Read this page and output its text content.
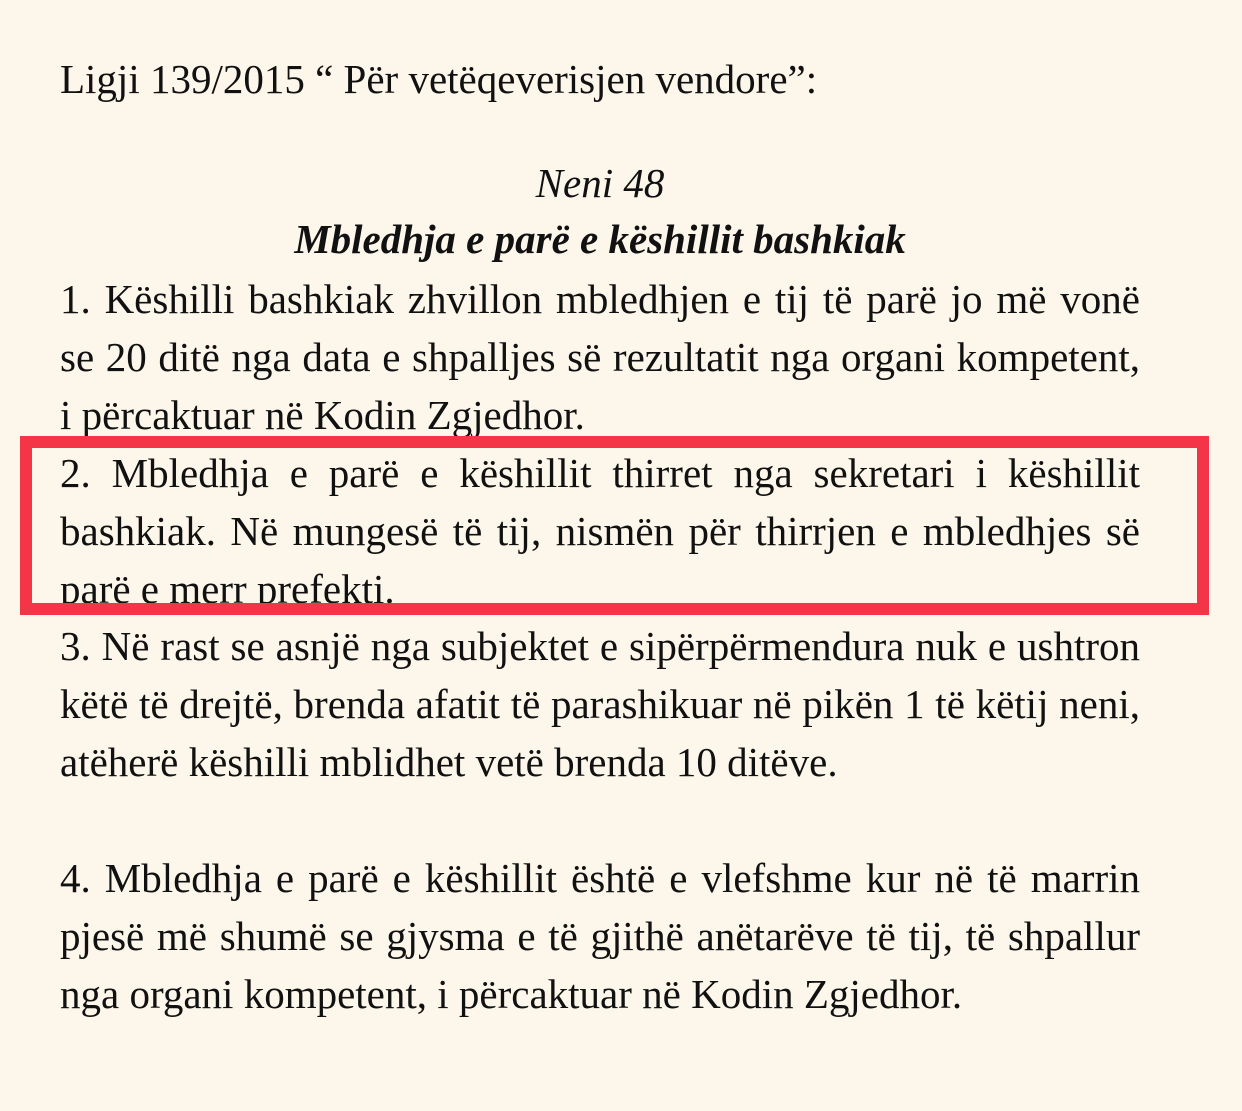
Ligji 139/2015 “ Për vetëqeverisjen vendore”:
Neni 48
Mbledhja e parë e këshillit bashkiak
1. Këshilli bashkiak zhvillon mbledhjen e tij të parë jo më vonë se 20 ditë nga data e shpalljes së rezultatit nga organi kompetent, i përcaktuar në Kodin Zgjedhor.
2. Mbledhja e parë e këshillit thirret nga sekretari i këshillit bashkiak. Në mungesë të tij, nismën për thirrjen e mbledhjes së parë e merr prefekti.
3. Në rast se asnjë nga subjektet e sipërpërmendura nuk e ushtron këtë të drejtë, brenda afatit të parashikuar në pikën 1 të këtij neni, atëherë këshilli mblidhet vetë brenda 10 ditëve.
4. Mbledhja e parë e këshillit është e vlefshme kur në të marrin pjesë më shumë se gjysma e të gjithë anëtarëve të tij, të shpallur nga organi kompetent, i përcaktuar në Kodin Zgjedhor.
